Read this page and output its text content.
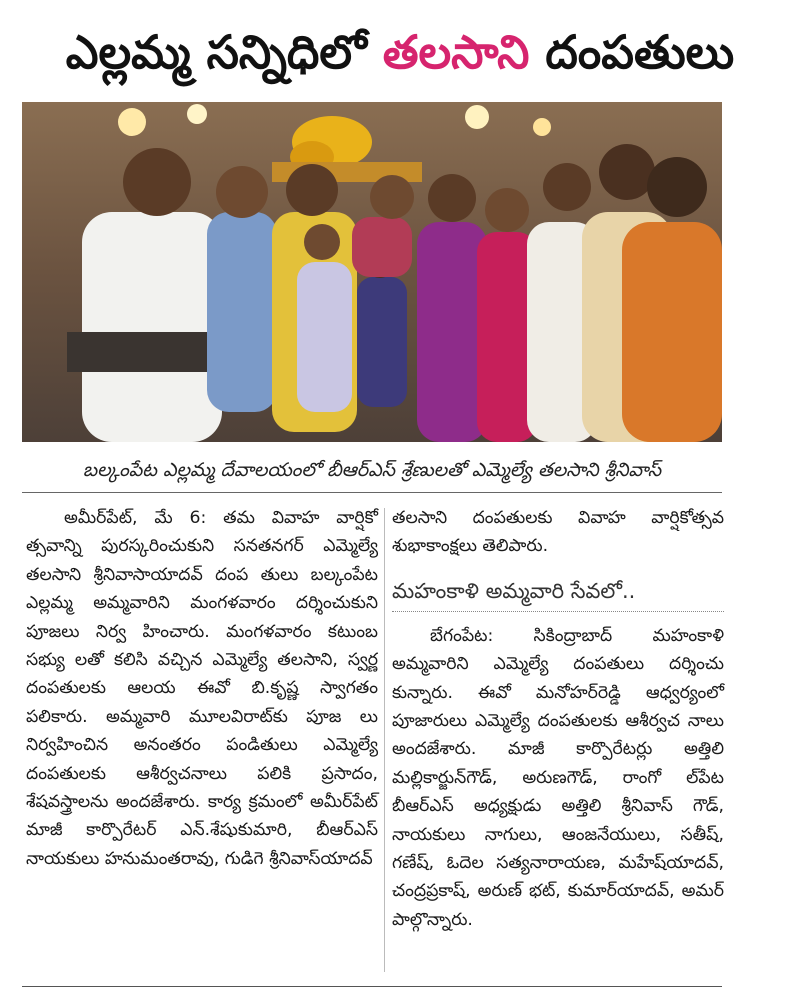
ఎల్లమ్మ సన్నిధిలో తలసాని దంపతులు
బల్కంపేట ఎల్లమ్మ దేవాలయంలో బీఆర్ఎస్ శ్రేణులతో ఎమ్మెల్యే తలసాని శ్రీనివాస్

అమీర్‌పేట్, మే 6: తమ వివాహ వార్షికో త్సవాన్ని పురస్కరించుకుని సనతనగర్ ఎమ్మెల్యే తలసాని శ్రీనివాసాయాదవ్ దంప తులు బల్కంపేట ఎల్లమ్మ అమ్మవారిని మంగళవారం దర్శించుకుని పూజలు నిర్వ హించారు. మంగళవారం కటుంబ సభ్యు లతో కలిసి వచ్చిన ఎమ్మెల్యే తలసాని, స్వర్ణ దంపతులకు ఆలయ ఈవో బి.కృష్ణ స్వాగతం పలికారు. అమ్మవారి మూలవిరాట్‌కు పూజ లు నిర్వహించిన అనంతరం పండితులు ఎమ్మెల్యే దంపతులకు ఆశీర్వచనాలు పలికి ప్రసాదం, శేషవస్త్రాలను అందజేశారు. కార్య క్రమంలో అమీర్‌పేట్ మాజీ కార్పొరేటర్ ఎన్.శేషుకుమారి, బీఆర్ఎస్ నాయకులు హనుమంతరావు, గుడిగె శ్రీనివాస్‌యాదవ్

తలసాని దంపతులకు వివాహ వార్షికోత్సవ శుభాకాంక్షలు తెలిపారు.

మహంకాళి అమ్మవారి సేవలో..

బేగంపేట: సికింద్రాబాద్ మహంకాళి అమ్మవారిని ఎమ్మెల్యే దంపతులు దర్శించు కున్నారు. ఈవో మనోహర్‌రెడ్డి ఆధ్వర్యంలో పూజారులు ఎమ్మెల్యే దంపతులకు ఆశీర్వచ నాలు అందజేశారు. మాజీ కార్పొరేటర్లు అత్తిలి మల్లికార్జున్‌గౌడ్, అరుణగౌడ్, రాంగో ల్‌పేట బీఆర్ఎస్ అధ్యక్షుడు అత్తిలి శ్రీనివాస్ గౌడ్, నాయకులు నాగులు, ఆంజనేయులు, సతీష్, గణేష్, ఓదెల సత్యనారాయణ, మహేష్‌యాదవ్, చంద్రప్రకాష్, అరుణ్ భట్, కుమార్‌యాదవ్, అమర్ పాల్గొన్నారు.
